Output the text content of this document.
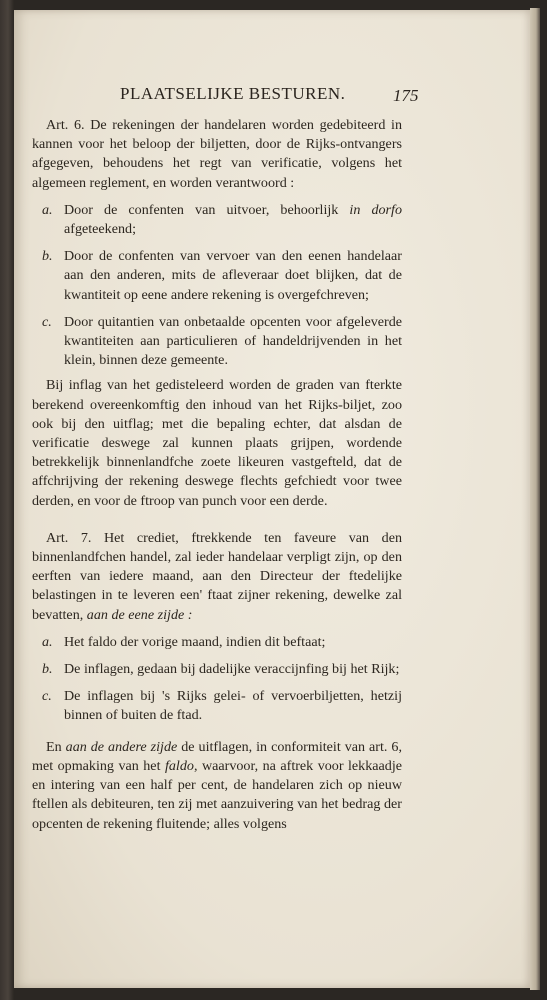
PLAATSELIJKE BESTUREN.	175

Art. 6. De rekeningen der handelaren worden gedebiteerd in kannen voor het beloop der biljetten, door de Rijks-ontvangers afgegeven, behoudens het regt van verificatie, volgens het algemeen reglement, en worden verantwoord :

a. Door de confenten van uitvoer, behoorlijk in dorfo afgeteekend;
b. Door de confenten van vervoer van den eenen handelaar aan den anderen, mits de afleveraar doet blijken, dat de kwantiteit op eene andere rekening is overgefchreven;
c. Door quitantien van onbetaalde opcenten voor afgeleverde kwantiteiten aan particulieren of handeldrijvenden in het klein, binnen deze gemeente.

Bij inflag van het gedisteleerd worden de graden van fterkte berekend overeenkomftig den inhoud van het Rijks-biljet, zoo ook bij den uitflag; met die bepaling echter, dat alsdan de verificatie deswege zal kunnen plaats grijpen, wordende betrekkelijk binnenlandfche zoete likeuren vastgefteld, dat de affchrijving der rekening deswege flechts gefchiedt voor twee derden, en voor de ftroop van punch voor een derde.

Art. 7. Het crediet, ftrekkende ten faveure van den binnenlandfchen handel, zal ieder handelaar verpligt zijn, op den eerften van iedere maand, aan den Directeur der ftedelijke belastingen in te leveren een' ftaat zijner rekening, dewelke zal bevatten, aan de eene zijde :

a. Het faldo der vorige maand, indien dit beftaat;
b. De inflagen, gedaan bij dadelijke veraccijnfing bij het Rijk;
c. De inflagen bij 's Rijks gelei- of vervoerbiljetten, hetzij binnen of buiten de ftad.

En aan de andere zijde de uitflagen, in conformiteit van art. 6, met opmaking van het faldo, waarvoor, na aftrek voor lekkaadje en intering van een half per cent, de handelaren zich op nieuw ftellen als debiteuren, ten zij met aanzuivering van het bedrag der opcenten de rekening fluitende; alles volgens
